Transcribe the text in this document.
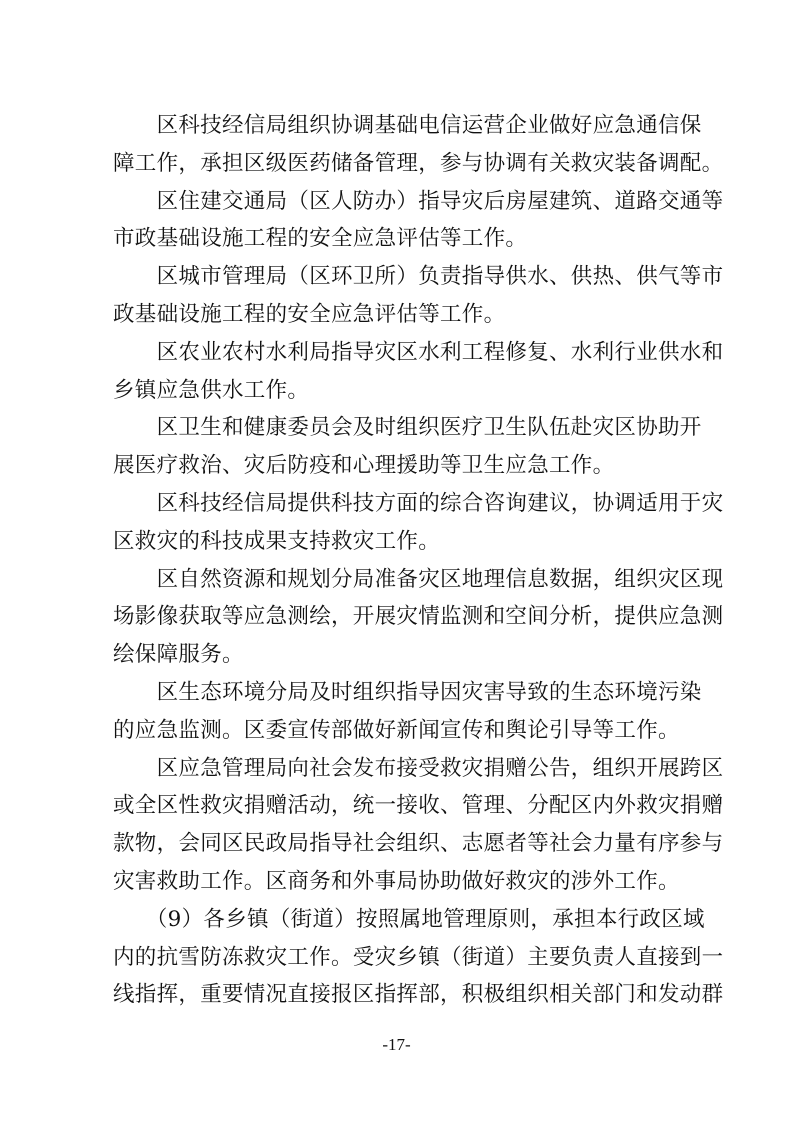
　　区科技经信局组织协调基础电信运营企业做好应急通信保
障工作，承担区级医药储备管理，参与协调有关救灾装备调配。

　　区住建交通局（区人防办）指导灾后房屋建筑、道路交通等
市政基础设施工程的安全应急评估等工作。

　　区城市管理局（区环卫所）负责指导供水、供热、供气等市
政基础设施工程的安全应急评估等工作。

　　区农业农村水利局指导灾区水利工程修复、水利行业供水和
乡镇应急供水工作。

　　区卫生和健康委员会及时组织医疗卫生队伍赴灾区协助开
展医疗救治、灾后防疫和心理援助等卫生应急工作。

　　区科技经信局提供科技方面的综合咨询建议，协调适用于灾
区救灾的科技成果支持救灾工作。

　　区自然资源和规划分局准备灾区地理信息数据，组织灾区现
场影像获取等应急测绘，开展灾情监测和空间分析，提供应急测
绘保障服务。

　　区生态环境分局及时组织指导因灾害导致的生态环境污染
的应急监测。区委宣传部做好新闻宣传和舆论引导等工作。

　　区应急管理局向社会发布接受救灾捐赠公告，组织开展跨区
或全区性救灾捐赠活动，统一接收、管理、分配区内外救灾捐赠
款物，会同区民政局指导社会组织、志愿者等社会力量有序参与
灾害救助工作。区商务和外事局协助做好救灾的涉外工作。

　　（9）各乡镇（街道）按照属地管理原则，承担本行政区域
内的抗雪防冻救灾工作。受灾乡镇（街道）主要负责人直接到一
线指挥，重要情况直接报区指挥部，积极组织相关部门和发动群

-17-
